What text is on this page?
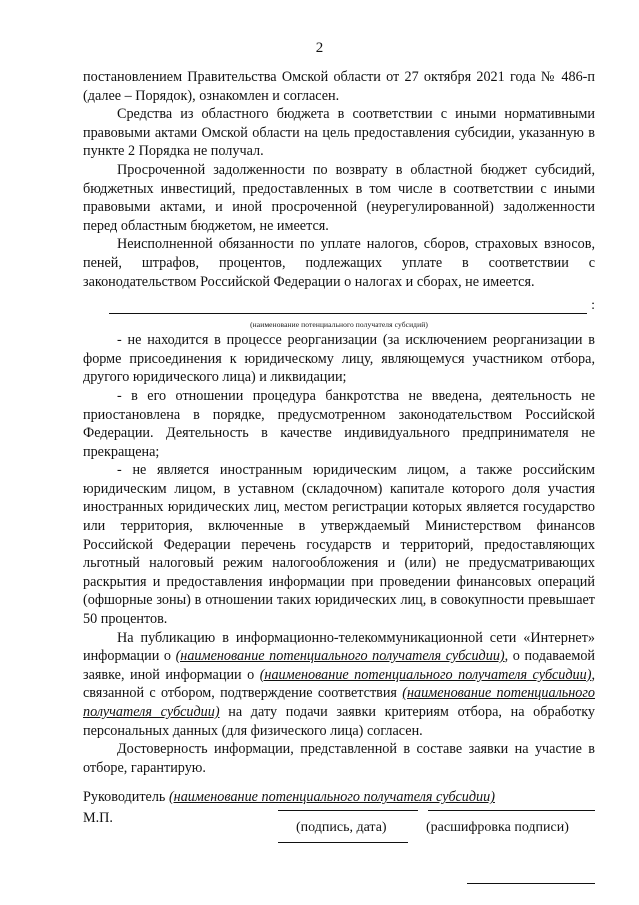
2

постановлением Правительства Омской области от 27 октября 2021 года № 486-п (далее – Порядок), ознакомлен и согласен.

Средства из областного бюджета в соответствии с иными нормативными правовыми актами Омской области на цель предоставления субсидии, указанную в пункте 2 Порядка не получал.

Просроченной задолженности по возврату в областной бюджет субсидий, бюджетных инвестиций, предоставленных в том числе в соответствии с иными правовыми актами, и иной просроченной (неурегулированной) задолженности перед областным бюджетом, не имеется.

Неисполненной обязанности по уплате налогов, сборов, страховых взносов, пеней, штрафов, процентов, подлежащих уплате в соответствии с законодательством Российской Федерации о налогах и сборах, не имеется.

:
(наименование потенциального получателя субсидий)

- не находится в процессе реорганизации (за исключением реорганизации в форме присоединения к юридическому лицу, являющемуся участником отбора, другого юридического лица) и ликвидации;

- в его отношении процедура банкротства не введена, деятельность не приостановлена в порядке, предусмотренном законодательством Российской Федерации. Деятельность в качестве индивидуального предпринимателя не прекращена;

- не является иностранным юридическим лицом, а также российским юридическим лицом, в уставном (складочном) капитале которого доля участия иностранных юридических лиц, местом регистрации которых является государство или территория, включенные в утверждаемый Министерством финансов Российской Федерации перечень государств и территорий, предоставляющих льготный налоговый режим налогообложения и (или) не предусматривающих раскрытия и предоставления информации при проведении финансовых операций (офшорные зоны) в отношении таких юридических лиц, в совокупности превышает 50 процентов.

На публикацию в информационно-телекоммуникационной сети «Интернет» информации о (наименование потенциального получателя субсидии), о подаваемой заявке, иной информации о (наименование потенциального получателя субсидии), связанной с отбором, подтверждение соответствия (наименование потенциального получателя субсидии) на дату подачи заявки критериям отбора, на обработку персональных данных (для физического лица) согласен.

Достоверность информации, представленной в составе заявки на участие в отборе, гарантирую.

Руководитель (наименование потенциального получателя субсидии)
(подпись, дата)	(расшифровка подписи)
М.П.
